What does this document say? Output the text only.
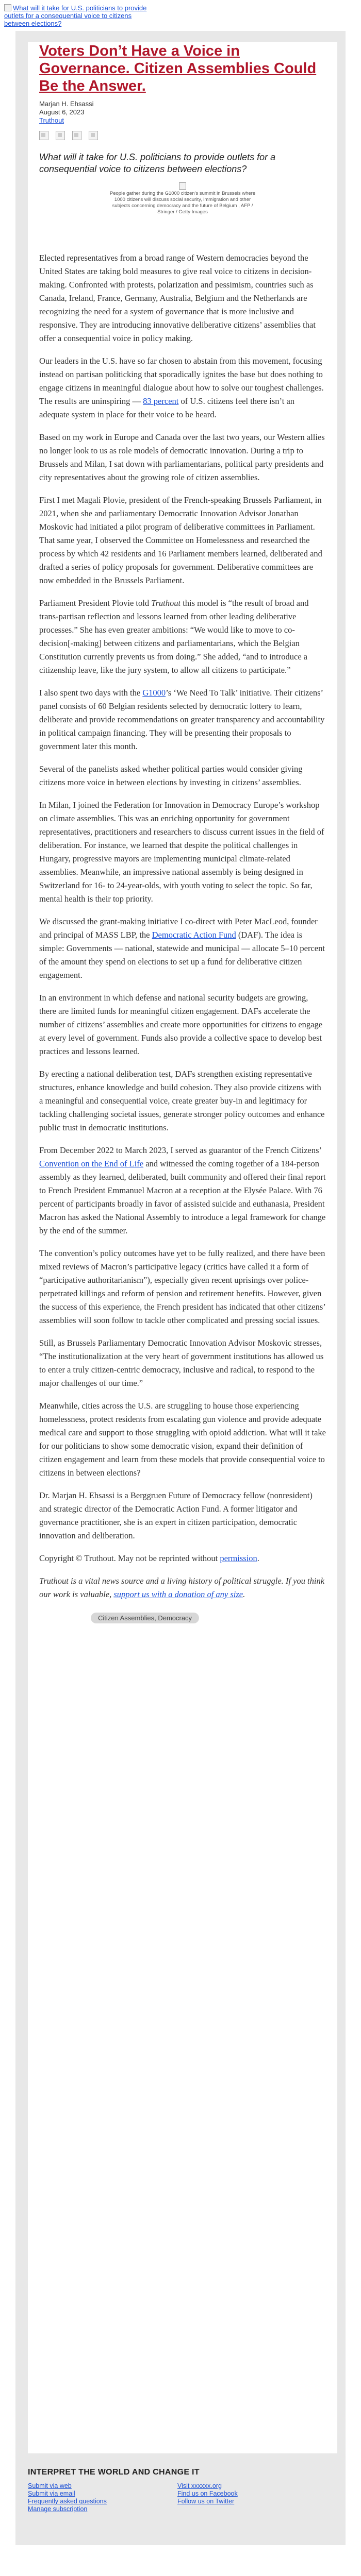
What will it take for U.S. politicians to provide outlets for a consequential voice to citizens between elections?
Voters Don’t Have a Voice in Governance. Citizen Assemblies Could Be the Answer.
Marjan H. Ehsassi
August 6, 2023
Truthout
What will it take for U.S. politicians to provide outlets for a consequential voice to citizens between elections?
People gather during the G1000 citizen's summit in Brussels where 1000 citizens will discuss social security, immigration and other subjects concerning democracy and the future of Belgium , AFP / Stringer / Getty Images

Elected representatives from a broad range of Western democracies beyond the United States are taking bold measures to give real voice to citizens in decision-making. Confronted with protests, polarization and pessimism, countries such as Canada, Ireland, France, Germany, Australia, Belgium and the Netherlands are recognizing the need for a system of governance that is more inclusive and responsive. They are introducing innovative deliberative citizens’ assemblies that offer a consequential voice in policy making.

Our leaders in the U.S. have so far chosen to abstain from this movement, focusing instead on partisan politicking that sporadically ignites the base but does nothing to engage citizens in meaningful dialogue about how to solve our toughest challenges. The results are uninspiring — 83 percent of U.S. citizens feel there isn’t an adequate system in place for their voice to be heard.

Based on my work in Europe and Canada over the last two years, our Western allies no longer look to us as role models of democratic innovation. During a trip to Brussels and Milan, I sat down with parliamentarians, political party presidents and city representatives about the growing role of citizen assemblies.

First I met Magali Plovie, president of the French-speaking Brussels Parliament, in 2021, when she and parliamentary Democratic Innovation Advisor Jonathan Moskovic had initiated a pilot program of deliberative committees in Parliament. That same year, I observed the Committee on Homelessness and researched the process by which 42 residents and 16 Parliament members learned, deliberated and drafted a series of policy proposals for government. Deliberative committees are now embedded in the Brussels Parliament.

Parliament President Plovie told Truthout this model is “the result of broad and trans-partisan reflection and lessons learned from other leading deliberative processes.” She has even greater ambitions: “We would like to move to co-decision[-making] between citizens and parliamentarians, which the Belgian Constitution currently prevents us from doing.” She added, “and to introduce a citizenship leave, like the jury system, to allow all citizens to participate.”

I also spent two days with the G1000’s ‘We Need To Talk’ initiative. Their citizens’ panel consists of 60 Belgian residents selected by democratic lottery to learn, deliberate and provide recommendations on greater transparency and accountability in political campaign financing. They will be presenting their proposals to government later this month.

Several of the panelists asked whether political parties would consider giving citizens more voice in between elections by investing in citizens’ assemblies.

In Milan, I joined the Federation for Innovation in Democracy Europe’s workshop on climate assemblies. This was an enriching opportunity for government representatives, practitioners and researchers to discuss current issues in the field of deliberation. For instance, we learned that despite the political challenges in Hungary, progressive mayors are implementing municipal climate-related assemblies. Meanwhile, an impressive national assembly is being designed in Switzerland for 16- to 24-year-olds, with youth voting to select the topic. So far, mental health is their top priority.

We discussed the grant-making initiative I co-direct with Peter MacLeod, founder and principal of MASS LBP, the Democratic Action Fund (DAF). The idea is simple: Governments — national, statewide and municipal — allocate 5–10 percent of the amount they spend on elections to set up a fund for deliberative citizen engagement.

In an environment in which defense and national security budgets are growing, there are limited funds for meaningful citizen engagement. DAFs accelerate the number of citizens’ assemblies and create more opportunities for citizens to engage at every level of government. Funds also provide a collective space to develop best practices and lessons learned.

By erecting a national deliberation test, DAFs strengthen existing representative structures, enhance knowledge and build cohesion. They also provide citizens with a meaningful and consequential voice, create greater buy-in and legitimacy for tackling challenging societal issues, generate stronger policy outcomes and enhance public trust in democratic institutions.

From December 2022 to March 2023, I served as guarantor of the French Citizens’ Convention on the End of Life and witnessed the coming together of a 184-person assembly as they learned, deliberated, built community and offered their final report to French President Emmanuel Macron at a reception at the Elysée Palace. With 76 percent of participants broadly in favor of assisted suicide and euthanasia, President Macron has asked the National Assembly to introduce a legal framework for change by the end of the summer.

The convention’s policy outcomes have yet to be fully realized, and there have been mixed reviews of Macron’s participative legacy (critics have called it a form of “participative authoritarianism”), especially given recent uprisings over police-perpetrated killings and reform of pension and retirement benefits. However, given the success of this experience, the French president has indicated that other citizens’ assemblies will soon follow to tackle other complicated and pressing social issues.

Still, as Brussels Parliamentary Democratic Innovation Advisor Moskovic stresses, “The institutionalization at the very heart of government institutions has allowed us to enter a truly citizen-centric democracy, inclusive and radical, to respond to the major challenges of our time.”

Meanwhile, cities across the U.S. are struggling to house those experiencing homelessness, protect residents from escalating gun violence and provide adequate medical care and support to those struggling with opioid addiction. What will it take for our politicians to show some democratic vision, expand their definition of citizen engagement and learn from these models that provide consequential voice to citizens in between elections?

Dr. Marjan H. Ehsassi is a Berggruen Future of Democracy fellow (nonresident) and strategic director of the Democratic Action Fund. A former litigator and governance practitioner, she is an expert in citizen participation, democratic innovation and deliberation.

Copyright © Truthout. May not be reprinted without permission.

Truthout is a vital news source and a living history of political struggle. If you think our work is valuable, support us with a donation of any size.

Citizen Assemblies, Democracy
INTERPRET THE WORLD AND CHANGE IT
Submit via web
Submit via email
Frequently asked questions
Manage subscription
Visit xxxxxx.org
Find us on Facebook
Follow us on Twitter
